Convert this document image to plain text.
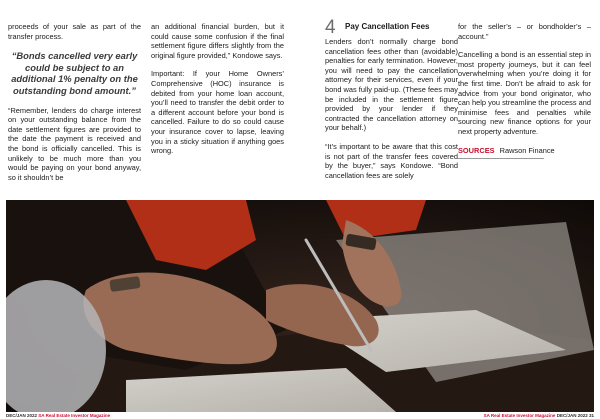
proceeds of your sale as part of the transfer process.

“Bonds cancelled very early could be subject to an additional 1% penalty on the outstanding bond amount.”

“Remember, lenders do charge interest on your outstanding balance from the date settlement figures are provided to the date the payment is received and the bond is officially cancelled. This is unlikely to be much more than you would be paying on your bond anyway, so it shouldn’t be

an additional financial burden, but it could cause some confusion if the final settlement figure differs slightly from the original figure provided,” Kondowe says.

Important: If your Home Owners’ Comprehensive (HOC) insurance is debited from your home loan account, you’ll need to transfer the debit order to a different account before your bond is cancelled. Failure to do so could cause your insurance cover to lapse, leaving you in a sticky situation if anything goes wrong.

4 Pay Cancellation Fees

Lenders don’t normally charge bond cancellation fees other than (avoidable) penalties for early termination. However, you will need to pay the cancellation attorney for their services, even if your bond was fully paid-up. (These fees may be included in the settlement figure provided by your lender if they contracted the cancellation attorney on your behalf.)

“It’s important to be aware that this cost is not part of the transfer fees covered by the buyer,” says Kondowe. “Bond cancellation fees are solely

for the seller’s – or bondholder’s – account.”

Cancelling a bond is an essential step in most property journeys, but it can feel overwhelming when you’re doing it for the first time. Don’t be afraid to ask for advice from your bond originator, who can help you streamline the process and minimise fees and penalties while sourcing new finance options for your next property adventure.

SOURCES Rawson Finance
DEC/JAN 2022 SA Real Estate Investor Magazine	SA Real Estate Investor Magazine DEC/JAN 2022 31
